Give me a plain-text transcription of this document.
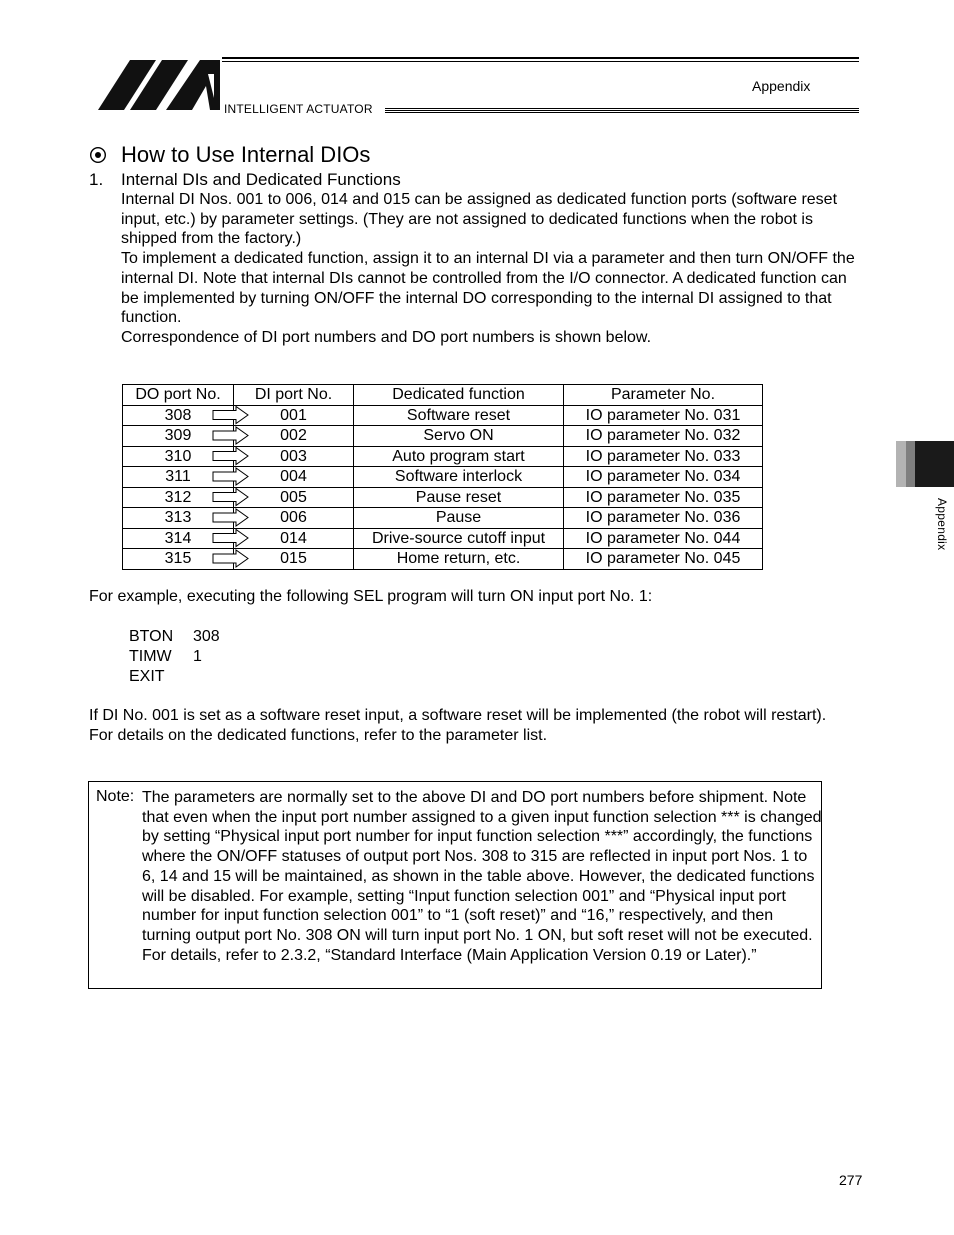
INTELLIGENT ACTUATOR
Appendix
Appendix
How to Use Internal DIOs
1. Internal DIs and Dedicated Functions

Internal DI Nos. 001 to 006, 014 and 015 can be assigned as dedicated function ports (software reset input, etc.) by parameter settings. (They are not assigned to dedicated functions when the robot is shipped from the factory.)

To implement a dedicated function, assign it to an internal DI via a parameter and then turn ON/OFF the internal DI. Note that internal DIs cannot be controlled from the I/O connector. A dedicated function can be implemented by turning ON/OFF the internal DO corresponding to the internal DI assigned to that function.

Correspondence of DI port numbers and DO port numbers is shown below.

DO port No.	DI port No.	Dedicated function	Parameter No.
308	001	Software reset	IO parameter No. 031
309	002	Servo ON	IO parameter No. 032
310	003	Auto program start	IO parameter No. 033
311	004	Software interlock	IO parameter No. 034
312	005	Pause reset	IO parameter No. 035
313	006	Pause	IO parameter No. 036
314	014	Drive-source cutoff input	IO parameter No. 044
315	015	Home return, etc.	IO parameter No. 045
For example, executing the following SEL program will turn ON input port No. 1:
BTON 308
TIMW 1
EXIT
If DI No. 001 is set as a software reset input, a software reset will be implemented (the robot will restart). For details on the dedicated functions, refer to the parameter list.
Note: The parameters are normally set to the above DI and DO port numbers before shipment. Note that even when the input port number assigned to a given input function selection *** is changed by setting “Physical input port number for input function selection ***” accordingly, the functions where the ON/OFF statuses of output port Nos. 308 to 315 are reflected in input port Nos. 1 to 6, 14 and 15 will be maintained, as shown in the table above. However, the dedicated functions will be disabled. For example, setting “Input function selection 001” and “Physical input port number for input function selection 001” to “1 (soft reset)” and “16,” respectively, and then turning output port No. 308 ON will turn input port No. 1 ON, but soft reset will not be executed.

For details, refer to 2.3.2, “Standard Interface (Main Application Version 0.19 or Later).”

277
